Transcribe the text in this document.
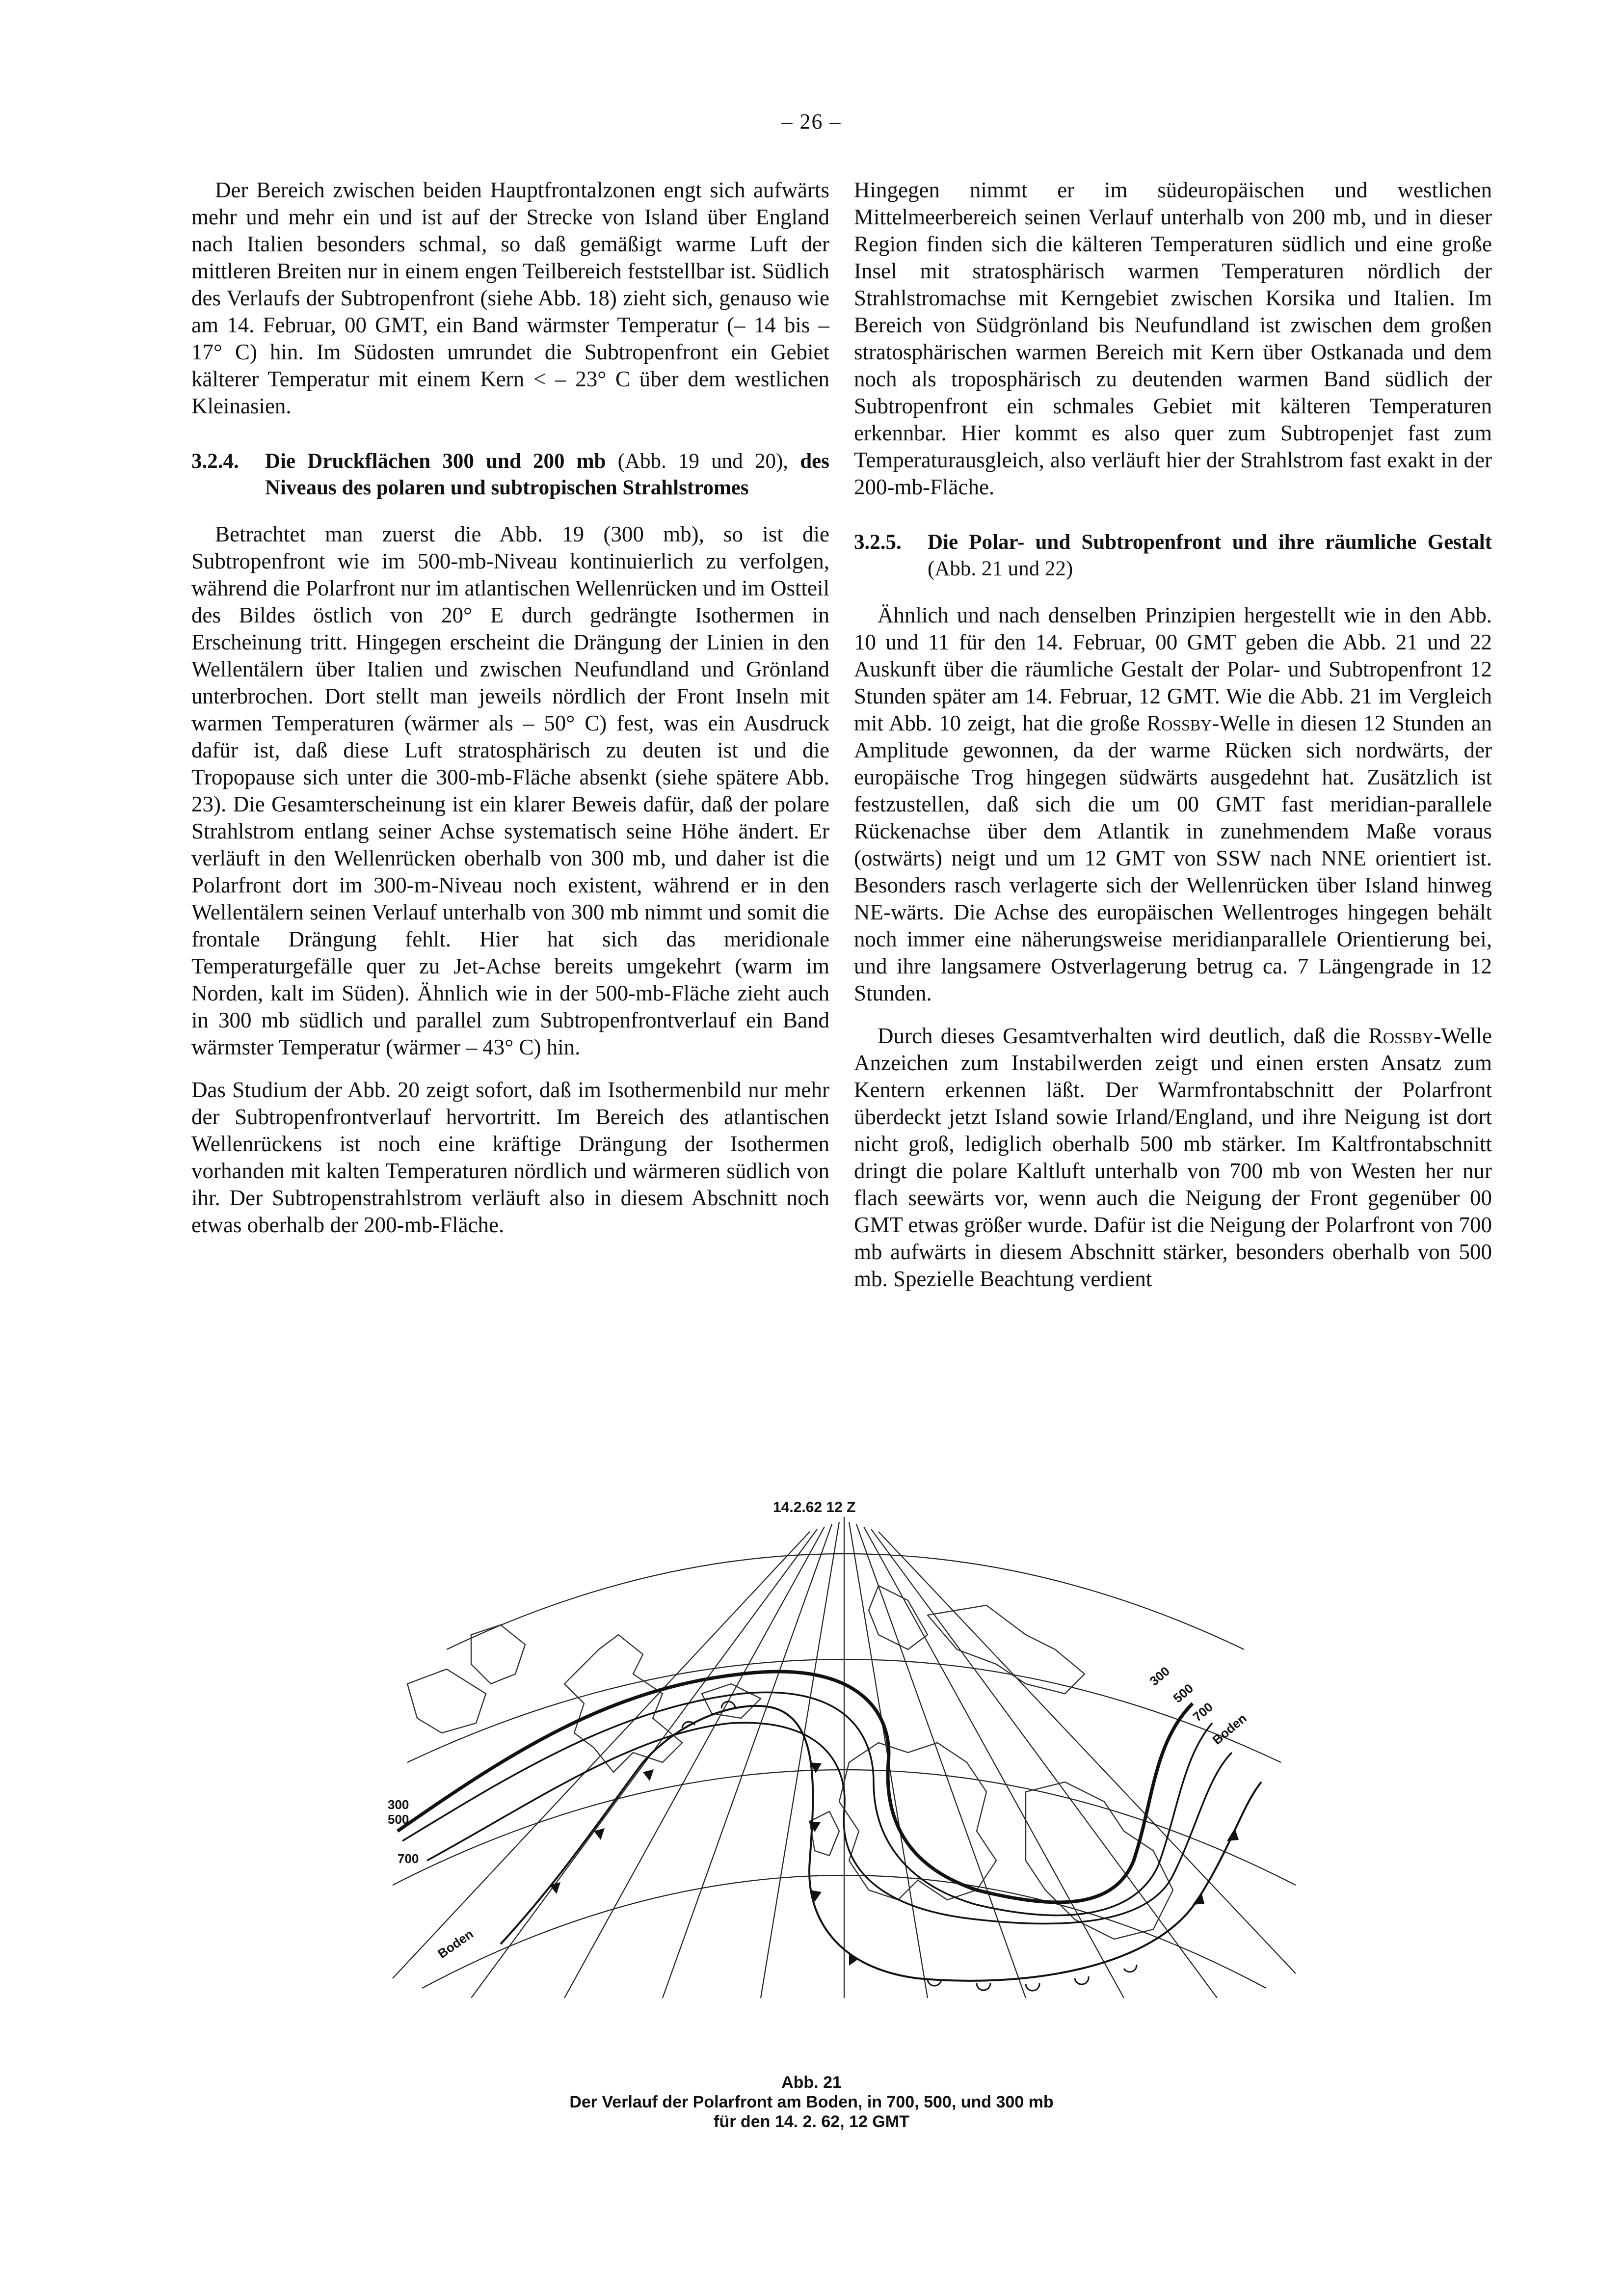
– 26 –

Der Bereich zwischen beiden Hauptfrontalzonen engt sich aufwärts mehr und mehr ein und ist auf der Strecke von Island über England nach Italien besonders schmal, so daß gemäßigt warme Luft der mittleren Breiten nur in einem engen Teilbereich feststellbar ist. Südlich des Verlaufs der Subtropenfront (siehe Abb. 18) zieht sich, genauso wie am 14. Februar, 00 GMT, ein Band wärmster Temperatur (– 14 bis – 17° C) hin. Im Südosten umrundet die Subtropenfront ein Gebiet kälterer Temperatur mit einem Kern < – 23° C über dem westlichen Kleinasien.

3.2.4. Die Druckflächen 300 und 200 mb (Abb. 19 und 20), des Niveaus des polaren und subtropischen Strahlstromes

Betrachtet man zuerst die Abb. 19 (300 mb), so ist die Subtropenfront wie im 500-mb-Niveau kontinuierlich zu verfolgen, während die Polarfront nur im atlantischen Wellenrücken und im Ostteil des Bildes östlich von 20° E durch gedrängte Isothermen in Erscheinung tritt. Hingegen erscheint die Drängung der Linien in den Wellentälern über Italien und zwischen Neufundland und Grönland unterbrochen. Dort stellt man jeweils nördlich der Front Inseln mit warmen Temperaturen (wärmer als – 50° C) fest, was ein Ausdruck dafür ist, daß diese Luft stratosphärisch zu deuten ist und die Tropopause sich unter die 300-mb-Fläche absenkt (siehe spätere Abb. 23). Die Gesamterscheinung ist ein klarer Beweis dafür, daß der polare Strahlstrom entlang seiner Achse systematisch seine Höhe ändert. Er verläuft in den Wellenrücken oberhalb von 300 mb, und daher ist die Polarfront dort im 300-m-Niveau noch existent, während er in den Wellentälern seinen Verlauf unterhalb von 300 mb nimmt und somit die frontale Drängung fehlt. Hier hat sich das meridionale Temperaturgefälle quer zu Jet-Achse bereits umgekehrt (warm im Norden, kalt im Süden). Ähnlich wie in der 500-mb-Fläche zieht auch in 300 mb südlich und parallel zum Subtropenfrontverlauf ein Band wärmster Temperatur (wärmer – 43° C) hin.

Das Studium der Abb. 20 zeigt sofort, daß im Isothermenbild nur mehr der Subtropenfrontverlauf hervortritt. Im Bereich des atlantischen Wellenrückens ist noch eine kräftige Drängung der Isothermen vorhanden mit kalten Temperaturen nördlich und wärmeren südlich von ihr. Der Subtropenstrahlstrom verläuft also in diesem Abschnitt noch etwas oberhalb der 200-mb-Fläche.

Hingegen nimmt er im südeuropäischen und westlichen Mittelmeerbereich seinen Verlauf unterhalb von 200 mb, und in dieser Region finden sich die kälteren Temperaturen südlich und eine große Insel mit stratosphärisch warmen Temperaturen nördlich der Strahlstromachse mit Kerngebiet zwischen Korsika und Italien. Im Bereich von Südgrönland bis Neufundland ist zwischen dem großen stratosphärischen warmen Bereich mit Kern über Ostkanada und dem noch als troposphärisch zu deutenden warmen Band südlich der Subtropenfront ein schmales Gebiet mit kälteren Temperaturen erkennbar. Hier kommt es also quer zum Subtropenjet fast zum Temperaturausgleich, also verläuft hier der Strahlstrom fast exakt in der 200-mb-Fläche.

3.2.5. Die Polar- und Subtropenfront und ihre räumliche Gestalt (Abb. 21 und 22)

Ähnlich und nach denselben Prinzipien hergestellt wie in den Abb. 10 und 11 für den 14. Februar, 00 GMT geben die Abb. 21 und 22 Auskunft über die räumliche Gestalt der Polar- und Subtropenfront 12 Stunden später am 14. Februar, 12 GMT. Wie die Abb. 21 im Vergleich mit Abb. 10 zeigt, hat die große Rossby-Welle in diesen 12 Stunden an Amplitude gewonnen, da der warme Rücken sich nordwärts, der europäische Trog hingegen südwärts ausgedehnt hat. Zusätzlich ist festzustellen, daß sich die um 00 GMT fast meridian-parallele Rückenachse über dem Atlantik in zunehmendem Maße voraus (ostwärts) neigt und um 12 GMT von SSW nach NNE orientiert ist. Besonders rasch verlagerte sich der Wellenrücken über Island hinweg NE-wärts. Die Achse des europäischen Wellentroges hingegen behält noch immer eine näherungsweise meridianparallele Orientierung bei, und ihre langsamere Ostverlagerung betrug ca. 7 Längengrade in 12 Stunden.

Durch dieses Gesamtverhalten wird deutlich, daß die Rossby-Welle Anzeichen zum Instabilwerden zeigt und einen ersten Ansatz zum Kentern erkennen läßt. Der Warmfrontabschnitt der Polarfront überdeckt jetzt Island sowie Irland/England, und ihre Neigung ist dort nicht groß, lediglich oberhalb 500 mb stärker. Im Kaltfrontabschnitt dringt die polare Kaltluft unterhalb von 700 mb von Westen her nur flach seewärts vor, wenn auch die Neigung der Front gegenüber 00 GMT etwas größer wurde. Dafür ist die Neigung der Polarfront von 700 mb aufwärts in diesem Abschnitt stärker, besonders oberhalb von 500 mb. Spezielle Beachtung verdient

14.2.62 12 Z
300
500
700
Boden
300
500
700
Boden
Abb. 21
Der Verlauf der Polarfront am Boden, in 700, 500, und 300 mb
für den 14. 2. 62, 12 GMT
